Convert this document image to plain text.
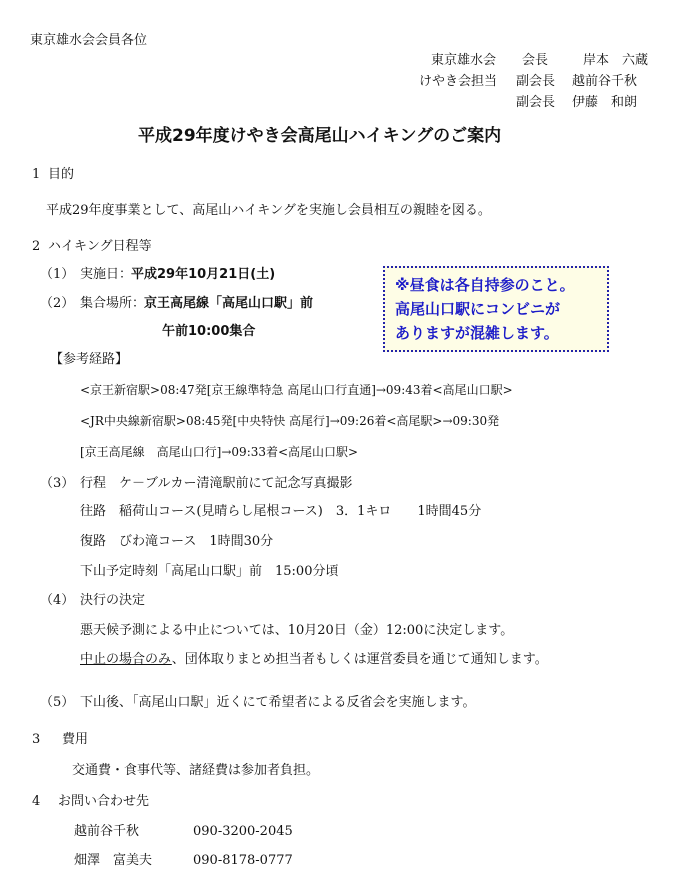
東京雄水会会員各位
東京雄水会 会長	岸本　六蔵
けやき会担当 副会長 越前谷千秋
副会長 伊藤　和朗
平成29年度けやき会高尾山ハイキングのご案内
1 目的
平成29年度事業として、高尾山ハイキングを実施し会員相互の親睦を図る。
2 ハイキング日程等
（1） 実施日：
平成29年10月21日(土)
（2） 集合場所：
京王高尾線「高尾山口駅」前
午前10:00集合
※昼食は各自持参のこと。
高尾山口駅にコンビニが
ありますが混雑します。
【参考経路】
<京王新宿駅>08:47発[京王線準特急 高尾山口行直通]→09:43着<高尾山口駅>
<JR中央線新宿駅>08:45発[中央特快 高尾行]→09:26着<高尾駅>→09:30発
[京王高尾線　高尾山口行]→09:33着<高尾山口駅>
（3） 行程　ケ－ブルカー清滝駅前にて記念写真撮影
往路　稲荷山コース(見晴らし尾根コース)　3．1キロ　　1時間45分
復路　びわ滝コース　1時間30分
下山予定時刻「高尾山口駅」前　15:00分頃
（4） 決行の決定
悪天候予測による中止については、10月20日（金）12:00に決定します。
中止の場合のみ、団体取りまとめ担当者もしくは運営委員を通じて通知します。
（5） 下山後、「高尾山口駅」近くにて希望者による反省会を実施します。
3 費用
交通費・食事代等、諸経費は参加者負担。
4 お問い合わせ先
越前谷千秋	090-3200-2045
畑澤　富美夫	090-8178-0777
